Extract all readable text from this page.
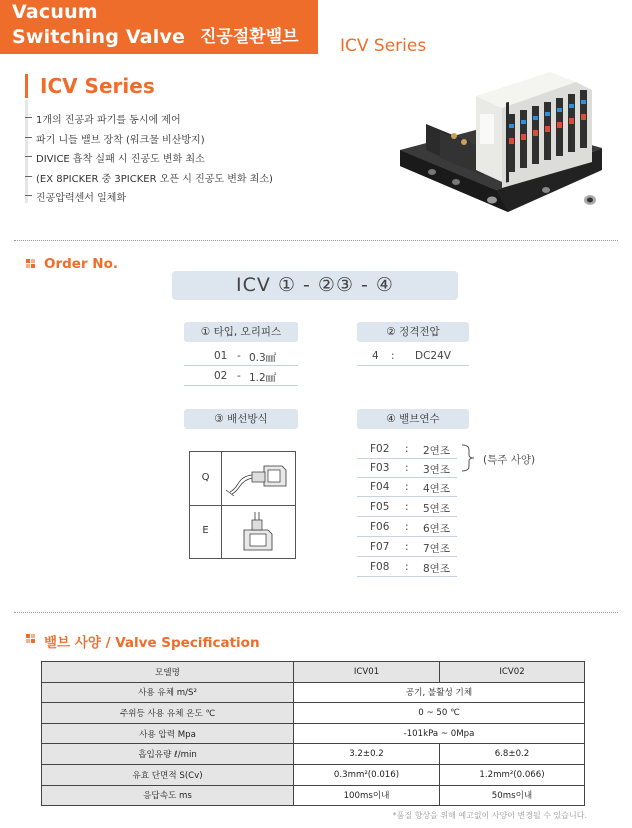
Vacuum
Switching Valve 진공절환밸브 ICV Series
ICV Series
1개의 진공과 파기를 동시에 제어
파기 니들 밸브 장착 (워크물 비산방지)
DIVICE 흡착 실패 시 진공도 변화 최소
(EX 8PICKER 중 3PICKER 오픈 시 진공도 변화 최소)
진공압력센서 일체화
Order No.
ICV ① - ②③ - ④
① 타입, 오리피스
01 - 0.3㎟
02 - 1.2㎟
② 정격전압
4 : DC24V
③ 배선방식
Q
E
④ 밸브연수
F02 : 2연조
F03 : 3연조
F04 : 4연조
F05 : 5연조
F06 : 6연조
F07 : 7연조
F08 : 8연조
(특주 사양)
밸브 사양 / Valve Specification
모델명	ICV01	ICV02
사용 유체 m/S²	공기, 불활성 기체	
주위등 사용 유체 온도 ℃	0 ~ 50 ℃	
사용 압력 Mpa	-101kPa ~ 0Mpa	
흡입유량 ℓ/min	3.2±0.2	6.8±0.2
유효 단면적 S(Cv)	0.3mm²(0.016)	1.2mm²(0.066)
응답속도 ms	100ms이내	50ms이내
*품질 향상을 위해 예고없이 사양이 변경될 수 있습니다.
